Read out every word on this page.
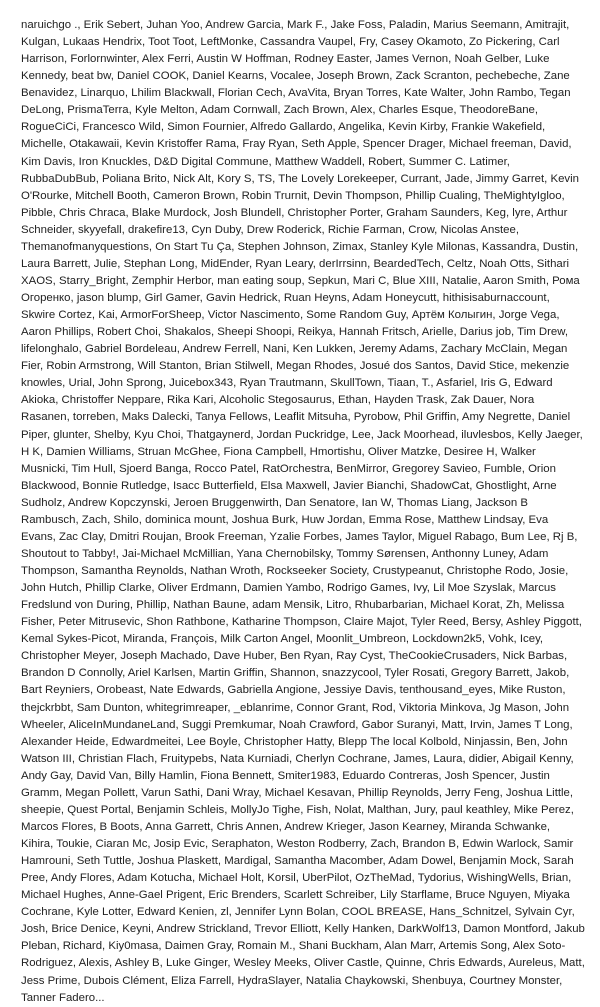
naruichgo ., Erik Sebert, Juhan Yoo, Andrew Garcia, Mark F., Jake Foss, Paladin, Marius Seemann, Amitrajit, Kulgan, Lukaas Hendrix, Toot Toot, LeftMonke, Cassandra Vaupel, Fry, Casey Okamoto, Zo Pickering, Carl Harrison, Forlornwinter, Alex Ferri, Austin W Hoffman, Rodney Easter, James Vernon, Noah Gelber, Luke Kennedy, beat bw, Daniel COOK, Daniel Kearns, Vocalee, Joseph Brown, Zack Scranton, pechebeche, Zane Benavidez, Linarquo, Lhilim Blackwall, Florian Cech, AvaVita, Bryan Torres, Kate Walter, John Rambo, Tegan DeLong, PrismaTerra, Kyle Melton, Adam Cornwall, Zach Brown, Alex, Charles Esque, TheodoreBane, RogueCiCi, Francesco Wild, Simon Fournier, Alfredo Gallardo, Angelika, Kevin Kirby, Frankie Wakefield, Michelle, Otakawaii, Kevin Kristoffer Rama, Fray Ryan, Seth Apple, Spencer Drager, Michael freeman, David, Kim Davis, Iron Knuckles, D&D Digital Commune, Matthew Waddell, Robert, Summer C. Latimer, RubbaDubBub, Poliana Brito, Nick Alt, Kory S, TS, The Lovely Lorekeeper, Currant, Jade, Jimmy Garret, Kevin O'Rourke, Mitchell Booth, Cameron Brown, Robin Trurnit, Devin Thompson, Phillip Cualing, TheMightyIgloo, Pibble, Chris Chraca, Blake Murdock, Josh Blundell, Christopher Porter, Graham Saunders, Keg, lyre, Arthur Schneider, skyyefall, drakefire13, Cyn Duby, Drew Roderick, Richie Farman, Crow, Nicolas Anstee, Themanofmanyquestions, On Start Tu Ça, Stephen Johnson, Zimax, Stanley Kyle Milonas, Kassandra, Dustin, Laura Barrett, Julie, Stephan Long, MidEnder, Ryan Leary, derIrrsinn, BeardedTech, Celtz, Noah Otts, Sithari XAOS, Starry_Bright, Zemphir Herbor, man eating soup, Sepkun, Mari C, Blue XIII, Natalie, Aaron Smith, Рома Огоренко, jason blump, Girl Gamer, Gavin Hedrick, Ruan Heyns, Adam Honeycutt, hithisisaburnaccount, Skwire Cortez, Kai, ArmorForSheep, Victor Nascimento, Some Random Guy, Артём Колыгин, Jorge Vega, Aaron Phillips, Robert Choi, Shakalos, Sheepi Shoopi, Reikya, Hannah Fritsch, Arielle, Darius job, Tim Drew, lifelonghalo, Gabriel Bordeleau, Andrew Ferrell, Nani, Ken Lukken, Jeremy Adams, Zachary McClain, Megan Fier, Robin Armstrong, Will Stanton, Brian Stilwell, Megan Rhodes, Josué dos Santos, David Stice, mekenzie knowles, Urial, John Sprong, Juicebox343, Ryan Trautmann, SkullTown, Tiaan, T., Asfariel, Iris G, Edward Akioka, Christoffer Neppare, Rika Kari, Alcoholic Stegosaurus, Ethan, Hayden Trask, Zak Dauer, Nora Rasanen, torreben, Maks Dalecki, Tanya Fellows, Leaflit Mitsuha, Pyrobow, Phil Griffin, Amy Negrette, Daniel Piper, glunter, Shelby, Kyu Choi, Thatgaynerd, Jordan Puckridge, Lee, Jack Moorhead, iluvlesbos, Kelly Jaeger, H K, Damien Williams, Struan McGhee, Fiona Campbell, Hmortishu, Oliver Matzke, Desiree H, Walker Musnicki, Tim Hull, Sjoerd Banga, Rocco Patel, RatOrchestra, BenMirror, Gregorey Savieo, Fumble, Orion Blackwood, Bonnie Rutledge, Isacc Butterfield, Elsa Maxwell, Javier Bianchi, ShadowCat, Ghostlight, Arne Sudholz, Andrew Kopczynski, Jeroen Bruggenwirth, Dan Senatore, Ian W, Thomas Liang, Jackson B Rambusch, Zach, Shilo, dominica mount, Joshua Burk, Huw Jordan, Emma Rose, Matthew Lindsay, Eva Evans, Zac Clay, Dmitri Roujan, Brook Freeman, Yzalie Forbes, James Taylor, Miguel Rabago, Bum Lee, Rj B, Shoutout to Tabby!, Jai-Michael McMillian, Yana Chernobilsky, Tommy Sørensen, Anthonny Luney, Adam Thompson, Samantha Reynolds, Nathan Wroth, Rockseeker Society, Crustypeanut, Christophe Rodo, Josie, John Hutch, Phillip Clarke, Oliver Erdmann, Damien Yambo, Rodrigo Games, Ivy, Lil Moe Szyslak, Marcus Fredslund von During, Phillip, Nathan Baune, adam Mensik, Litro, Rhubarbarian, Michael Korat, Zh, Melissa Fisher, Peter Mitrusevic, Shon Rathbone, Katharine Thompson, Claire Majot, Tyler Reed, Bersy, Ashley Piggott, Kemal Sykes-Picot, Miranda, François, Milk Carton Angel, Moonlit_Umbreon, Lockdown2k5, Vohk, Icey, Christopher Meyer, Joseph Machado, Dave Huber, Ben Ryan, Ray Cyst, TheCookieCrusaders, Nick Barbas, Brandon D Connolly, Ariel Karlsen, Martin Griffin, Shannon, snazzycool, Tyler Rosati, Gregory Barrett, Jakob, Bart Reyniers, Orobeast, Nate Edwards, Gabriella Angione, Jessiye Davis, tenthousand_eyes, Mike Ruston, thejckrbbt, Sam Dunton, whitegrimreaper, _eblanrime, Connor Grant, Rod, Viktoria Minkova, Jg Mason, John Wheeler, AliceInMundaneLand, Suggi Premkumar, Noah Crawford, Gabor Suranyi, Matt, Irvin, James T Long, Alexander Heide, Edwardmeitei, Lee Boyle, Christopher Hatty, Blepp The local Kolbold, Ninjassin, Ben, John Watson III, Christian Flach, Fruitypebs, Nata Kurniadi, Cherlyn Cochrane, James, Laura, didier, Abigail Kenny, Andy Gay, David Van, Billy Hamlin, Fiona Bennett, Smiter1983, Eduardo Contreras, Josh Spencer, Justin Gramm, Megan Pollett, Varun Sathi, Dani Wray, Michael Kesavan, Phillip Reynolds, Jerry Feng, Joshua Little, sheepie, Quest Portal, Benjamin Schleis, MollyJo Tighe, Fish, Nolat, Malthan, Jury, paul keathley, Mike Perez, Marcos Flores, B Boots, Anna Garrett, Chris Annen, Andrew Krieger, Jason Kearney, Miranda Schwanke, Kihira, Toukie, Ciaran Mc, Josip Evic, Seraphaton, Weston Rodberry, Zach, Brandon B, Edwin Warlock, Samir Hamrouni, Seth Tuttle, Joshua Plaskett, Mardigal, Samantha Macomber, Adam Dowel, Benjamin Mock, Sarah Pree, Andy Flores, Adam Kotucha, Michael Holt, Korsil, UberPilot, OzTheMad, Tydorius, WishingWells, Brian, Michael Hughes, Anne-Gael Prigent, Eric Brenders, Scarlett Schreiber, Lily Starflame, Bruce Nguyen, Miyaka Cochrane, Kyle Lotter, Edward Kenien, zl, Jennifer Lynn Bolan, COOL BREASE, Hans_Schnitzel, Sylvain Cyr, Josh, Brice Denice, Keyni, Andrew Strickland, Trevor Elliott, Kelly Hanken, DarkWolf13, Damon Montford, Jakub Pleban, Richard, Kiy0masa, Daimen Gray, Romain M., Shani Buckham, Alan Marr, Artemis Song, Alex Soto-Rodriguez, Alexis, Ashley B, Luke Ginger, Wesley Meeks, Oliver Castle, Quinne, Chris Edwards, Aureleus, Matt, Jess Prime, Dubois Clément, Eliza Farrell, HydraSlayer, Natalia Chaykowski, Shenbuya, Courtney Monster, Tanner Fadero...
